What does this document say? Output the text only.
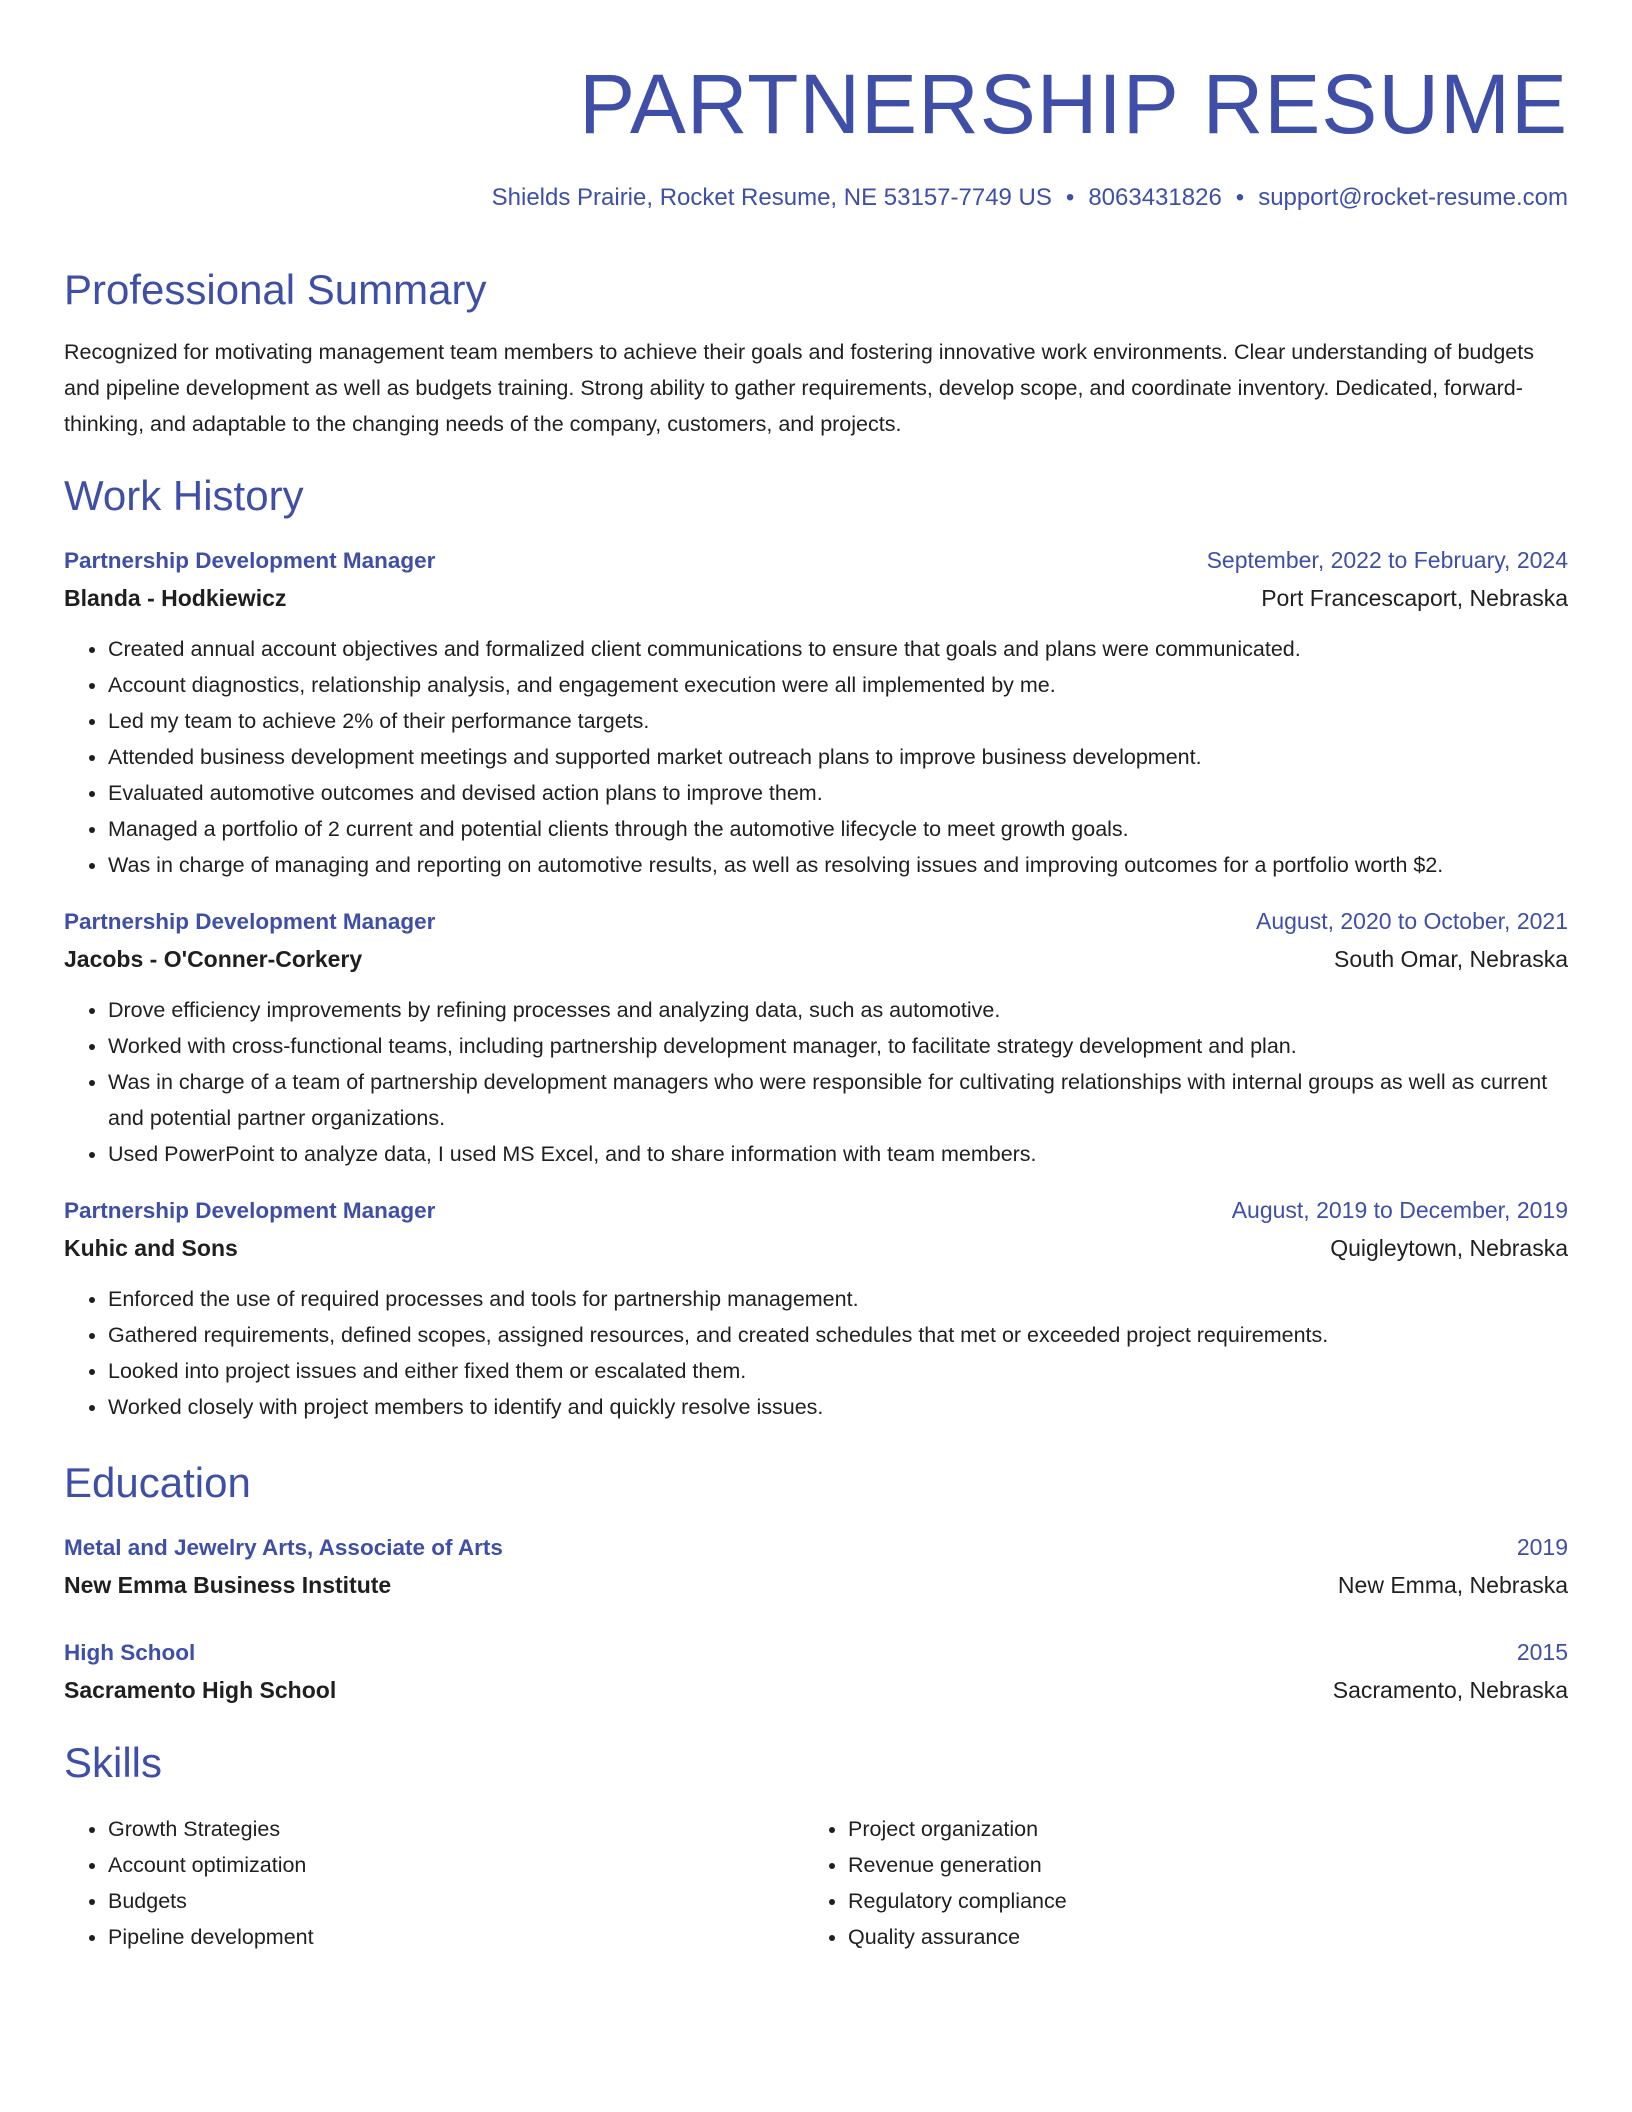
PARTNERSHIP RESUME
Shields Prairie, Rocket Resume, NE 53157-7749 US • 8063431826 • support@rocket-resume.com
Professional Summary

Recognized for motivating management team members to achieve their goals and fostering innovative work environments. Clear understanding of budgets and pipeline development as well as budgets training. Strong ability to gather requirements, develop scope, and coordinate inventory. Dedicated, forward-thinking, and adaptable to the changing needs of the company, customers, and projects.

Work History
Partnership Development Manager	September, 2022 to February, 2024
Blanda - Hodkiewicz	Port Francescaport, Nebraska
• Created annual account objectives and formalized client communications to ensure that goals and plans were communicated.
• Account diagnostics, relationship analysis, and engagement execution were all implemented by me.
• Led my team to achieve 2% of their performance targets.
• Attended business development meetings and supported market outreach plans to improve business development.
• Evaluated automotive outcomes and devised action plans to improve them.
• Managed a portfolio of 2 current and potential clients through the automotive lifecycle to meet growth goals.
• Was in charge of managing and reporting on automotive results, as well as resolving issues and improving outcomes for a portfolio worth $2.
Partnership Development Manager	August, 2020 to October, 2021
Jacobs - O'Conner-Corkery	South Omar, Nebraska
• Drove efficiency improvements by refining processes and analyzing data, such as automotive.
• Worked with cross-functional teams, including partnership development manager, to facilitate strategy development and plan.
• Was in charge of a team of partnership development managers who were responsible for cultivating relationships with internal groups as well as current and potential partner organizations.
• Used PowerPoint to analyze data, I used MS Excel, and to share information with team members.
Partnership Development Manager	August, 2019 to December, 2019
Kuhic and Sons	Quigleytown, Nebraska
• Enforced the use of required processes and tools for partnership management.
• Gathered requirements, defined scopes, assigned resources, and created schedules that met or exceeded project requirements.
• Looked into project issues and either fixed them or escalated them.
• Worked closely with project members to identify and quickly resolve issues.
Education
Metal and Jewelry Arts, Associate of Arts	2019
New Emma Business Institute	New Emma, Nebraska
High School	2015
Sacramento High School	Sacramento, Nebraska
Skills
• Growth Strategies
• Account optimization
• Budgets
• Pipeline development
• Project organization
• Revenue generation
• Regulatory compliance
• Quality assurance
